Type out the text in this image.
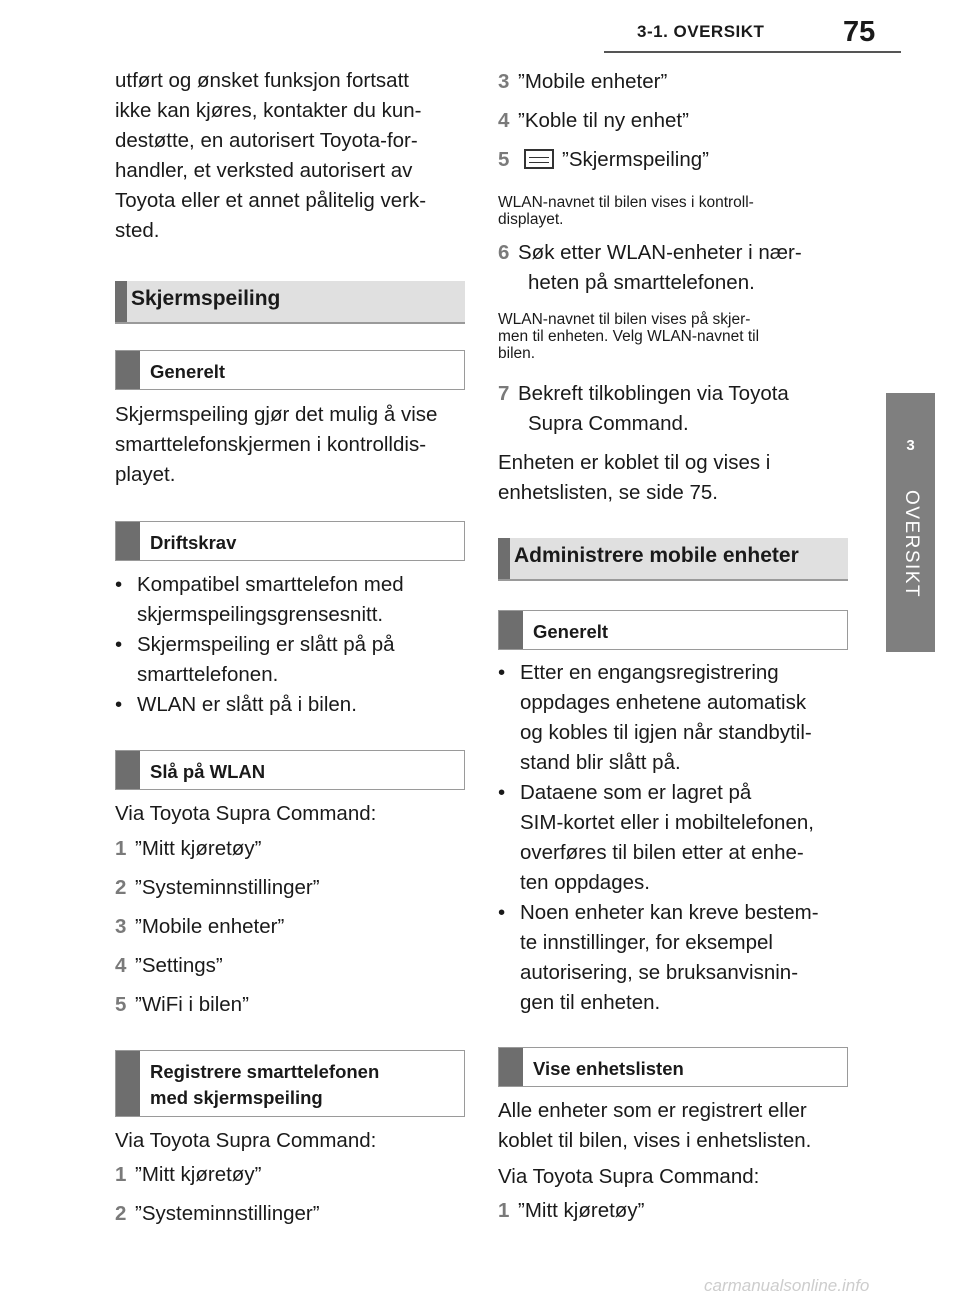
3-1. OVERSIKT	75
3
OVERSIKT
utført og ønsket funksjon fortsatt
ikke kan kjøres, kontakter du kun-
destøtte, en autorisert Toyota-for-
handler, et verksted autorisert av
Toyota eller et annet pålitelig verk-
sted.
Skjermspeiling
Generelt
Skjermspeiling gjør det mulig å vise
smarttelefonskjermen i kontrolldis-
playet.
Driftskrav
• Kompatibel smarttelefon med
skjermspeilingsgrensesnitt.
• Skjermspeiling er slått på på
smarttelefonen.
• WLAN er slått på i bilen.
Slå på WLAN
Via Toyota Supra Command:
1 ”Mitt kjøretøy”
2 ”Systeminnstillinger”
3 ”Mobile enheter”
4 ”Settings”
5 ”WiFi i bilen”
Registrere smarttelefonen
med skjermspeiling
Via Toyota Supra Command:
1 ”Mitt kjøretøy”
2 ”Systeminnstillinger”
3 ”Mobile enheter”
4 ”Koble til ny enhet”
5	”Skjermspeiling”
WLAN-navnet til bilen vises i kontroll-
displayet.
6 Søk etter WLAN-enheter i nær-
heten på smarttelefonen.
WLAN-navnet til bilen vises på skjer-
men til enheten. Velg WLAN-navnet til
bilen.
7 Bekreft tilkoblingen via Toyota
Supra Command.
Enheten er koblet til og vises i
enhetslisten, se side 75.
Administrere mobile enheter
Generelt
• Etter en engangsregistrering
oppdages enhetene automatisk
og kobles til igjen når standbytil-
stand blir slått på.
• Dataene som er lagret på
SIM-kortet eller i mobiltelefonen,
overføres til bilen etter at enhe-
ten oppdages.
• Noen enheter kan kreve bestem-
te innstillinger, for eksempel
autorisering, se bruksanvisnin-
gen til enheten.
Vise enhetslisten
Alle enheter som er registrert eller
koblet til bilen, vises i enhetslisten.
Via Toyota Supra Command:
1 ”Mitt kjøretøy”
carmanualsonline.info
